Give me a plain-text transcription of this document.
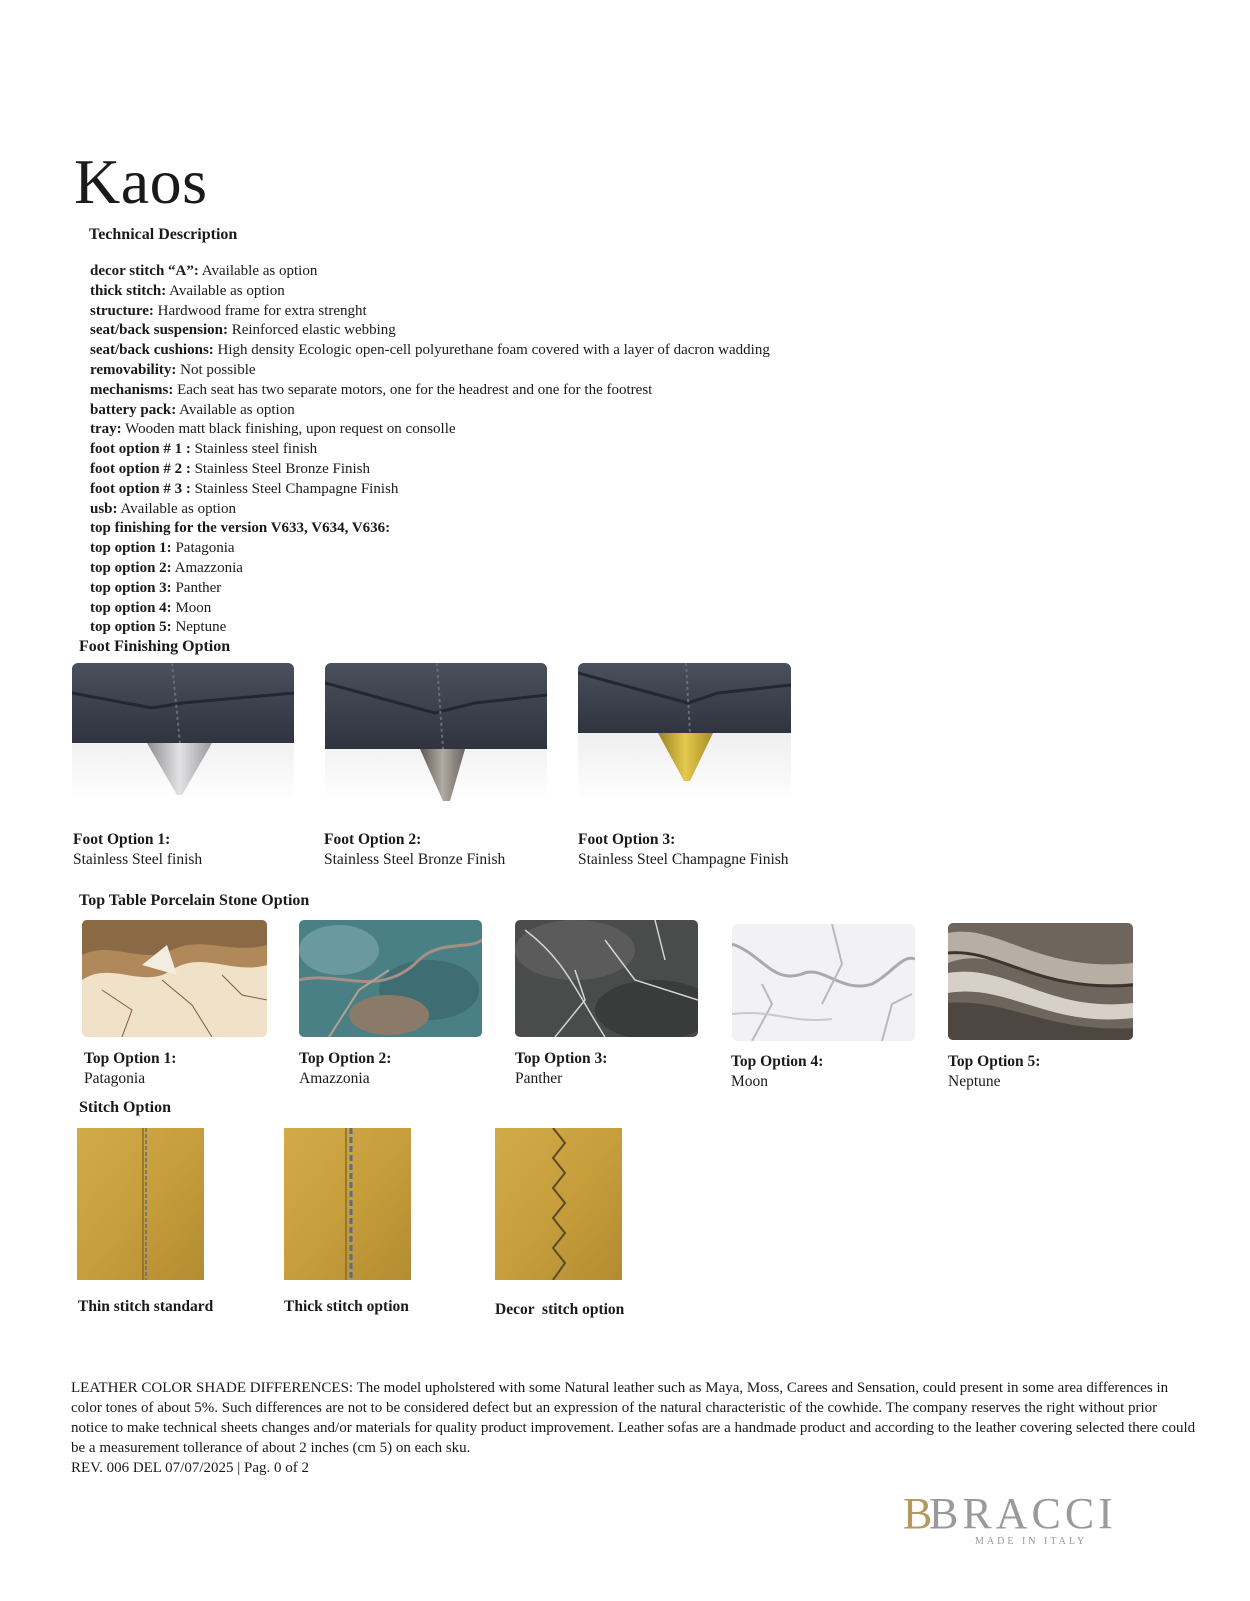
Kaos
Technical Description
decor stitch “A”: Available as option
thick stitch: Available as option
structure: Hardwood frame for extra strenght
seat/back suspension: Reinforced elastic webbing
seat/back cushions: High density Ecologic open-cell polyurethane foam covered with a layer of dacron wadding
removability: Not possible
mechanisms: Each seat has two separate motors, one for the headrest and one for the footrest
battery pack: Available as option
tray: Wooden matt black finishing, upon request on consolle
foot option # 1 : Stainless steel finish
foot option # 2 : Stainless Steel Bronze Finish
foot option # 3 : Stainless Steel Champagne Finish
usb: Available as option
top finishing for the version V633, V634, V636:
top option 1: Patagonia
top option 2: Amazzonia
top option 3: Panther
top option 4: Moon
top option 5: Neptune
Foot Finishing Option
Foot Option 1:
Stainless Steel finish
Foot Option 2:
Stainless Steel Bronze Finish
Foot Option 3:
Stainless Steel Champagne Finish
Top Table Porcelain Stone Option
Top Option 1:
Patagonia
Top Option 2:
Amazzonia
Top Option 3:
Panther
Top Option 4:
Moon
Top Option 5:
Neptune
Stitch Option
Thin stitch standard	Thick stitch option	Decor  stitch option
LEATHER COLOR SHADE DIFFERENCES: The model upholstered with some Natural leather such as Maya, Moss, Carees and Sensation, could present in some area differences in color tones of about 5%. Such differences are not to be considered defect but an expression of the natural characteristic of the cowhide. The company reserves the right without prior notice to make technical sheets changes and/or materials for quality product improvement. Leather sofas are a handmade product and according to the leather covering selected there could be a measurement tollerance of about 2 inches (cm 5) on each sku.
REV. 006 DEL 07/07/2025 | Pag. 0 of 2
B
BRACCI
MADE IN ITALY
